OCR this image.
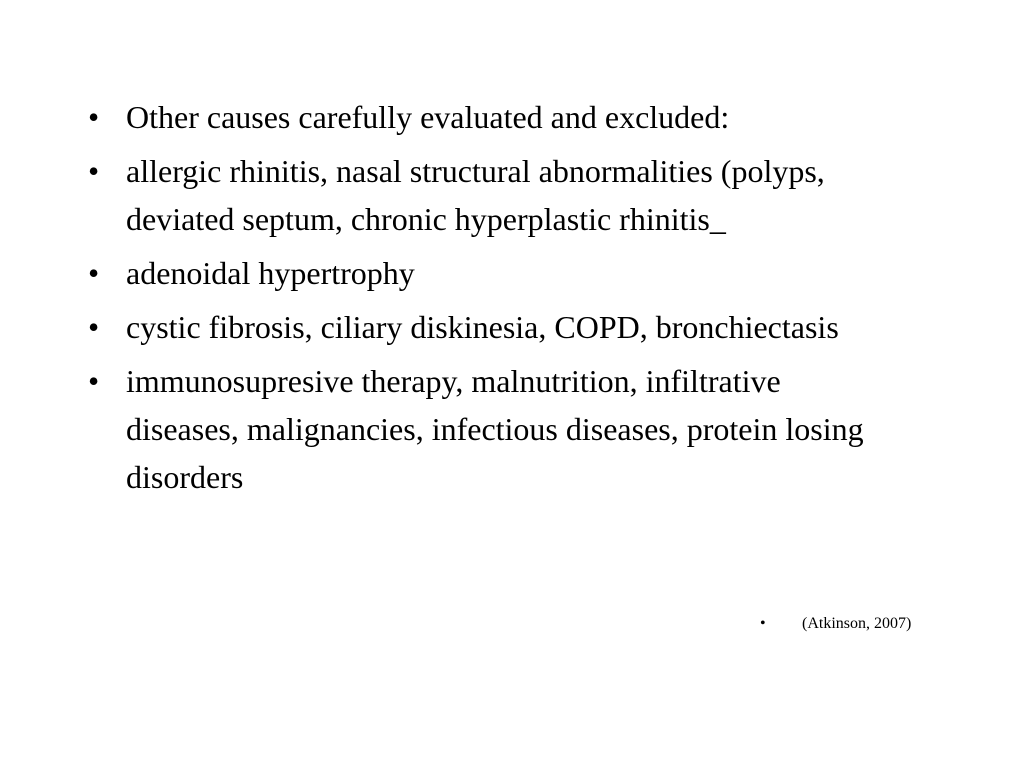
• Other causes carefully evaluated and excluded:
• allergic rhinitis, nasal structural abnormalities (polyps, deviated septum, chronic hyperplastic rhinitis_
• adenoidal hypertrophy
• cystic fibrosis, ciliary diskinesia, COPD, bronchiectasis
• immunosupresive therapy, malnutrition, infiltrative diseases, malignancies, infectious diseases, protein losing disorders
• (Atkinson, 2007)
